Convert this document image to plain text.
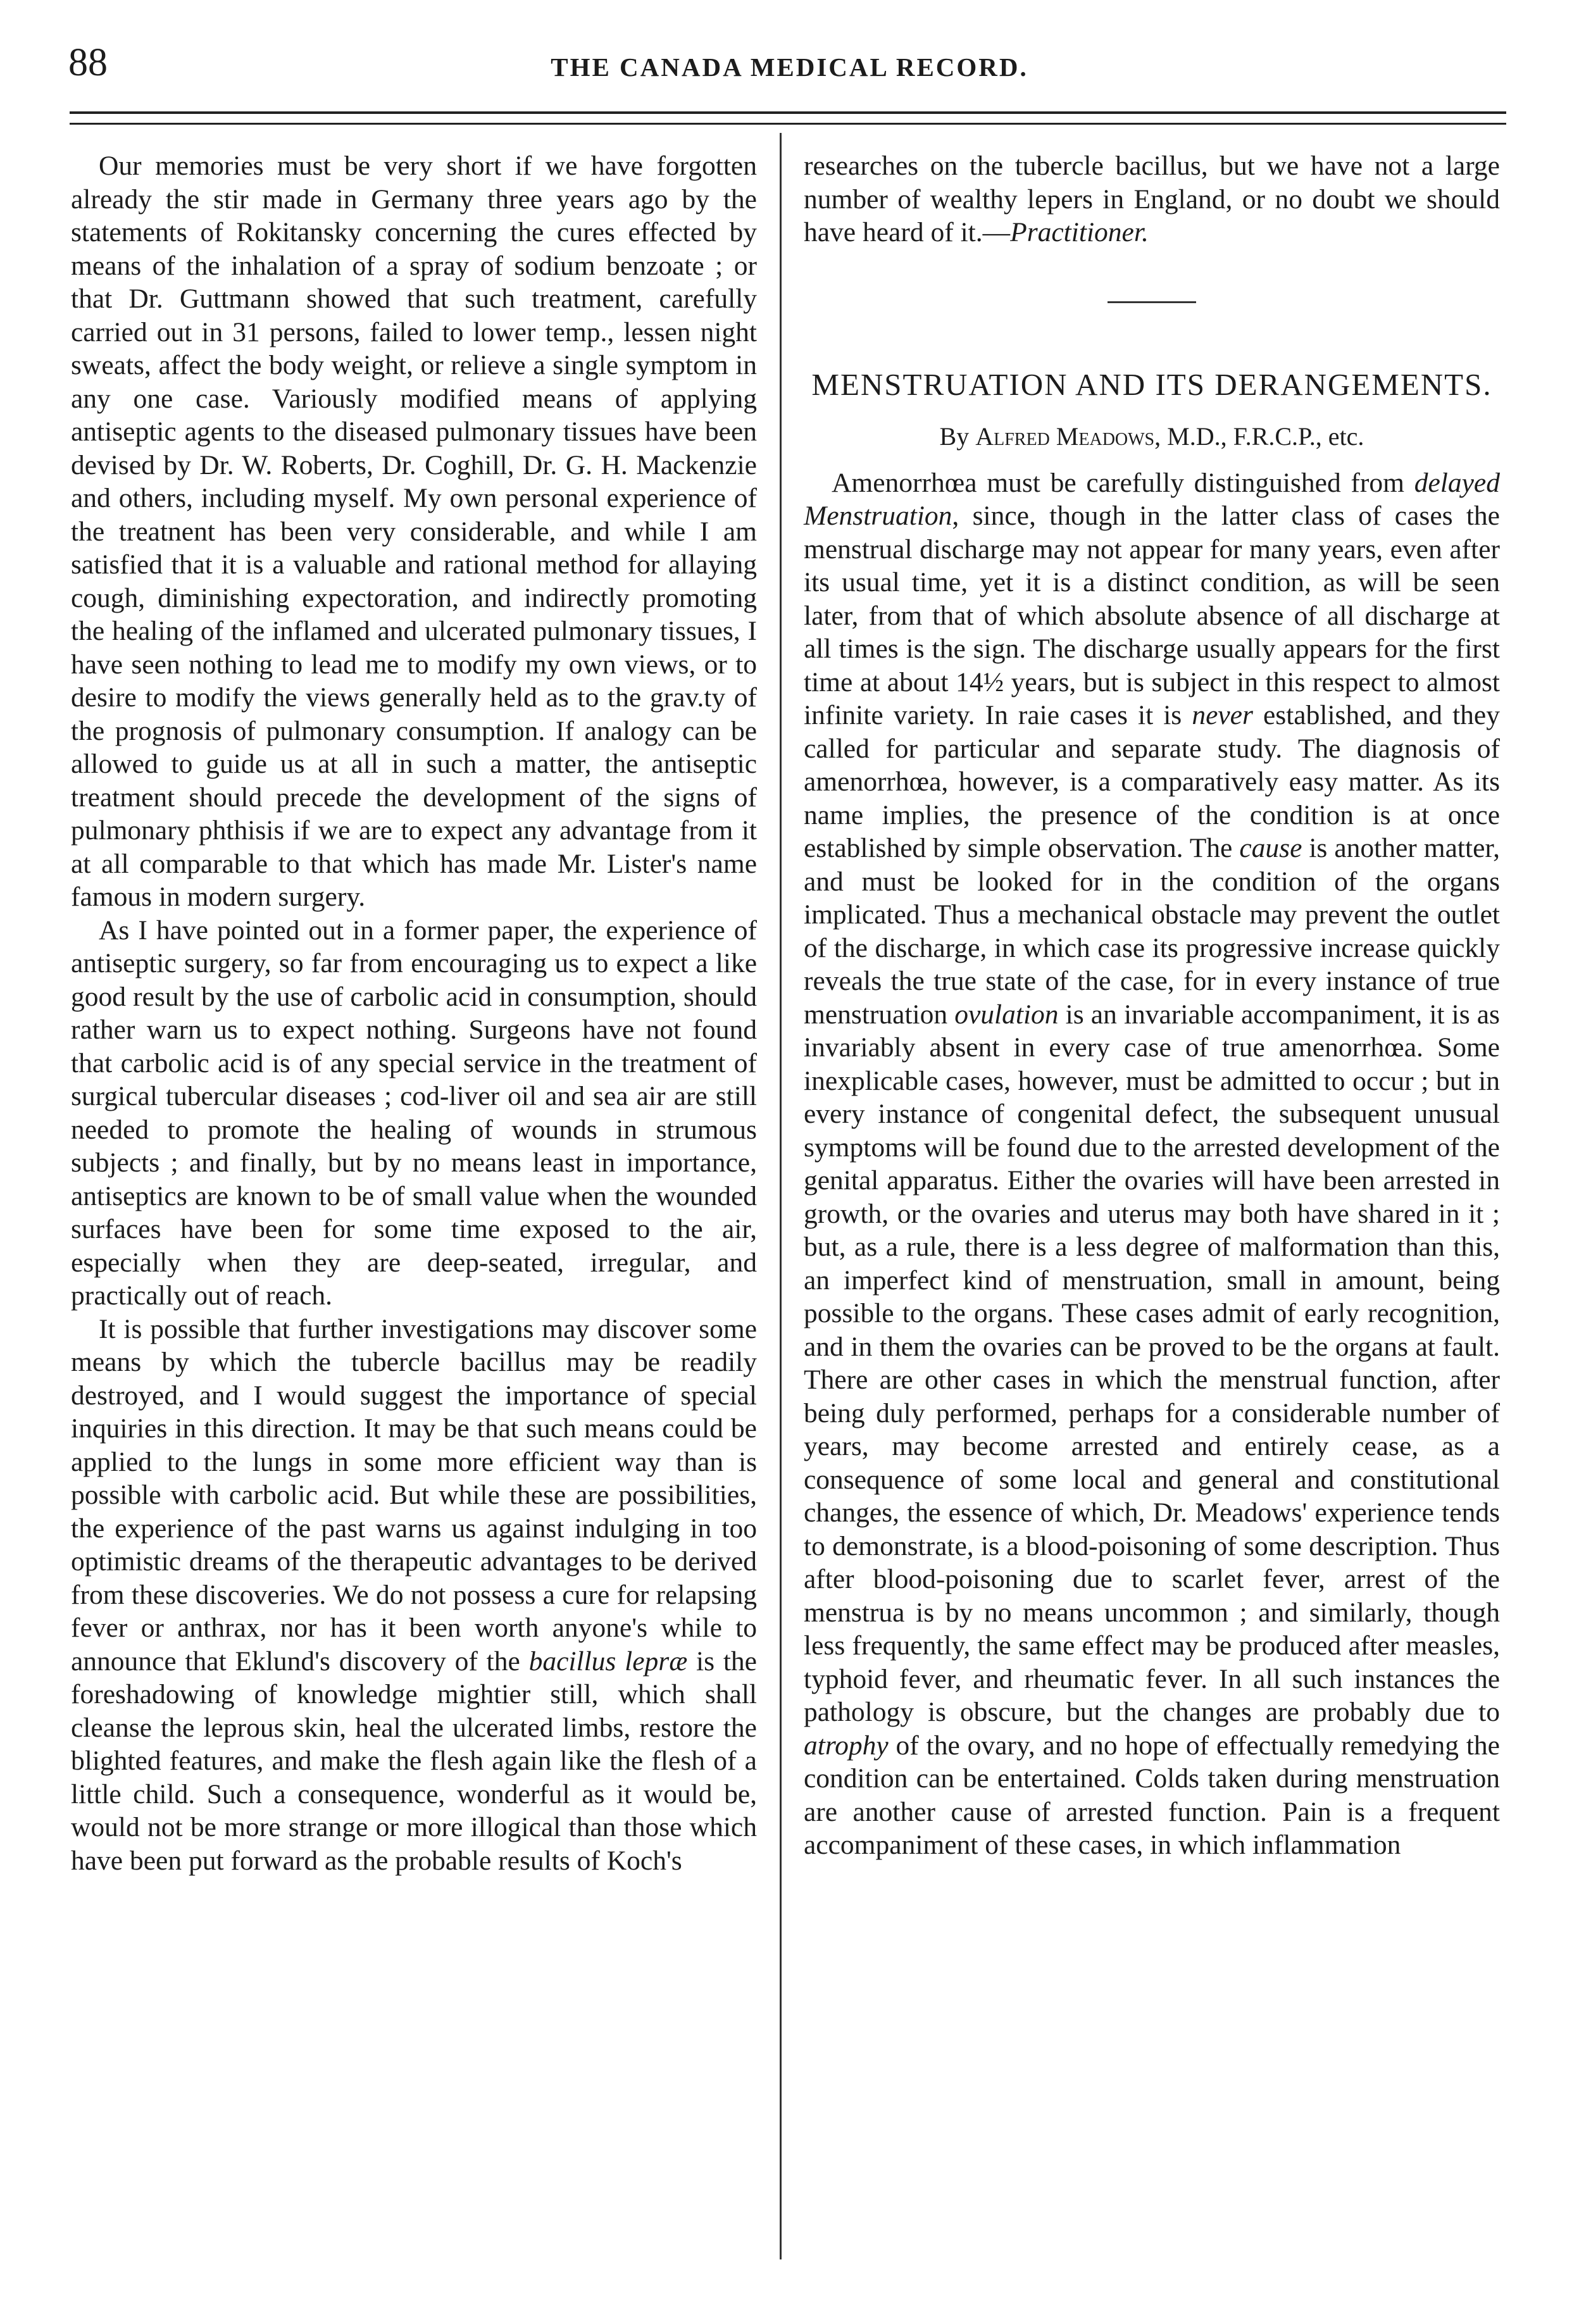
88	THE CANADA MEDICAL RECORD.

Our memories must be very short if we have forgotten already the stir made in Germany three years ago by the statements of Rokitansky concerning the cures effected by means of the inhalation of a spray of sodium benzoate ; or that Dr. Guttmann showed that such treatment, carefully carried out in 31 persons, failed to lower temp., lessen night sweats, affect the body weight, or relieve a single symptom in any one case. Variously modified means of applying antiseptic agents to the diseased pulmonary tissues have been devised by Dr. W. Roberts, Dr. Coghill, Dr. G. H. Mackenzie and others, including myself. My own personal experience of the treatnent has been very considerable, and while I am satisfied that it is a valuable and rational method for allaying cough, diminishing expectoration, and indirectly promoting the healing of the inflamed and ulcerated pulmonary tissues, I have seen nothing to lead me to modify my own views, or to desire to modify the views generally held as to the grav.ty of the prognosis of pulmonary consumption. If analogy can be allowed to guide us at all in such a matter, the antiseptic treatment should precede the development of the signs of pulmonary phthisis if we are to expect any advantage from it at all comparable to that which has made Mr. Lister's name famous in modern surgery.

As I have pointed out in a former paper, the experience of antiseptic surgery, so far from encouraging us to expect a like good result by the use of carbolic acid in consumption, should rather warn us to expect nothing. Surgeons have not found that carbolic acid is of any special service in the treatment of surgical tubercular diseases ; cod-liver oil and sea air are still needed to promote the healing of wounds in strumous subjects ; and finally, but by no means least in importance, antiseptics are known to be of small value when the wounded surfaces have been for some time exposed to the air, especially when they are deep-seated, irregular, and practically out of reach.

It is possible that further investigations may discover some means by which the tubercle bacillus may be readily destroyed, and I would suggest the importance of special inquiries in this direction. It may be that such means could be applied to the lungs in some more efficient way than is possible with carbolic acid. But while these are possibilities, the experience of the past warns us against indulging in too optimistic dreams of the therapeutic advantages to be derived from these discoveries. We do not possess a cure for relapsing fever or anthrax, nor has it been worth anyone's while to announce that Eklund's discovery of the bacillus lepræ is the foreshadowing of knowledge mightier still, which shall cleanse the leprous skin, heal the ulcerated limbs, restore the blighted features, and make the flesh again like the flesh of a little child. Such a consequence, wonderful as it would be, would not be more strange or more illogical than those which have been put forward as the probable results of Koch's

researches on the tubercle bacillus, but we have not a large number of wealthy lepers in England, or no doubt we should have heard of it.—Practitioner.

MENSTRUATION AND ITS DERANGEMENTS.
By Alfred Meadows, M.D., F.R.C.P., etc.

Amenorrhœa must be carefully distinguished from delayed Menstruation, since, though in the latter class of cases the menstrual discharge may not appear for many years, even after its usual time, yet it is a distinct condition, as will be seen later, from that of which absolute absence of all discharge at all times is the sign. The discharge usually appears for the first time at about 14½ years, but is subject in this respect to almost infinite variety. In raie cases it is never established, and they called for particular and separate study. The diagnosis of amenorrhœa, however, is a comparatively easy matter. As its name implies, the presence of the condition is at once established by simple observation. The cause is another matter, and must be looked for in the condition of the organs implicated. Thus a mechanical obstacle may prevent the outlet of the discharge, in which case its progressive increase quickly reveals the true state of the case, for in every instance of true menstruation ovulation is an invariable accompaniment, it is as invariably absent in every case of true amenorrhœa. Some inexplicable cases, however, must be admitted to occur ; but in every instance of congenital defect, the subsequent unusual symptoms will be found due to the arrested development of the genital apparatus. Either the ovaries will have been arrested in growth, or the ovaries and uterus may both have shared in it ; but, as a rule, there is a less degree of malformation than this, an imperfect kind of menstruation, small in amount, being possible to the organs. These cases admit of early recognition, and in them the ovaries can be proved to be the organs at fault. There are other cases in which the menstrual function, after being duly performed, perhaps for a considerable number of years, may become arrested and entirely cease, as a consequence of some local and general and constitutional changes, the essence of which, Dr. Meadows' experience tends to demonstrate, is a blood-poisoning of some description. Thus after blood-poisoning due to scarlet fever, arrest of the menstrua is by no means uncommon ; and similarly, though less frequently, the same effect may be produced after measles, typhoid fever, and rheumatic fever. In all such instances the pathology is obscure, but the changes are probably due to atrophy of the ovary, and no hope of effectually remedying the condition can be entertained. Colds taken during menstruation are another cause of arrested function. Pain is a frequent accompaniment of these cases, in which inflammation
